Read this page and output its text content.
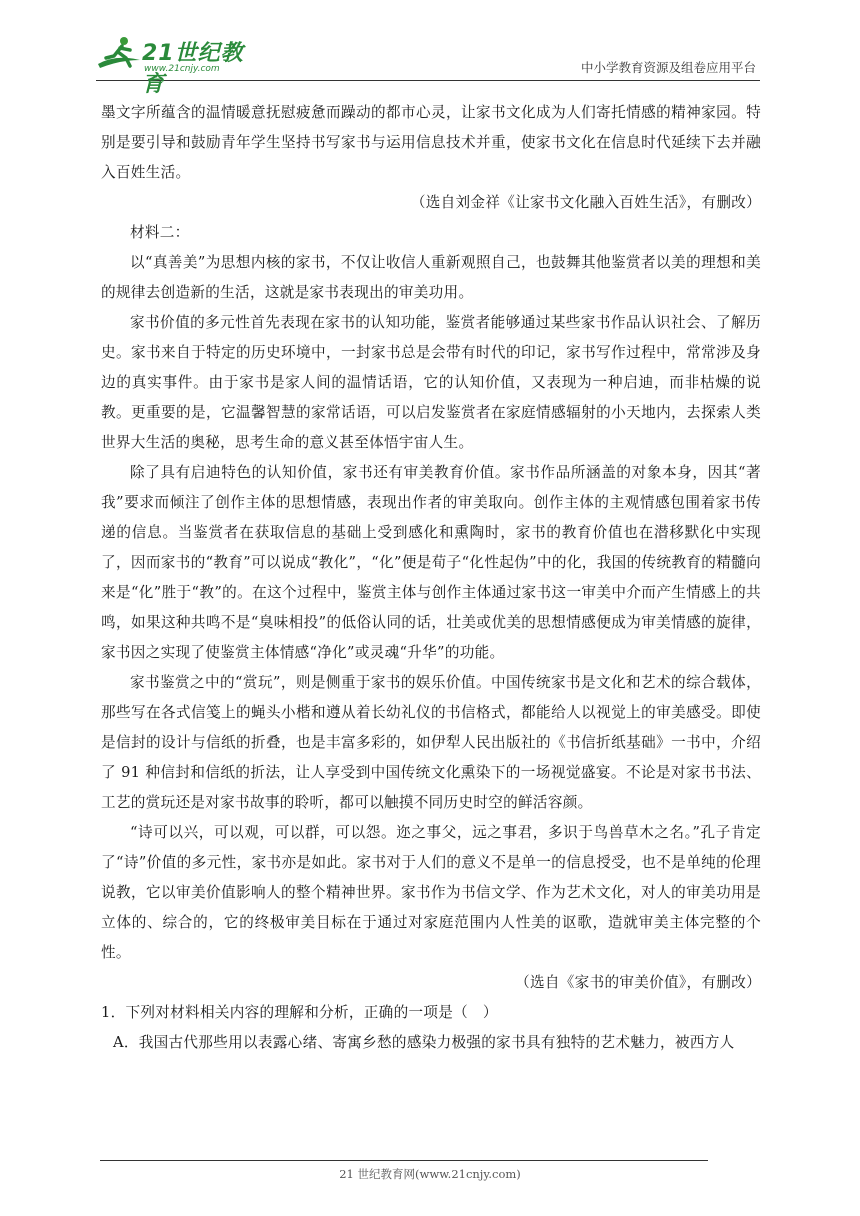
21世纪教育
www.21cnjy.com	中小学教育资源及组卷应用平台

墨文字所蕴含的温情暖意抚慰疲惫而躁动的都市心灵，让家书文化成为人们寄托情感的精神家园。特别是要引导和鼓励青年学生坚持书写家书与运用信息技术并重，使家书文化在信息时代延续下去并融入百姓生活。

（选自刘金祥《让家书文化融入百姓生活》，有删改）

材料二：

以“真善美”为思想内核的家书，不仅让收信人重新观照自己，也鼓舞其他鉴赏者以美的理想和美的规律去创造新的生活，这就是家书表现出的审美功用。

家书价值的多元性首先表现在家书的认知功能，鉴赏者能够通过某些家书作品认识社会、了解历史。家书来自于特定的历史环境中，一封家书总是会带有时代的印记，家书写作过程中，常常涉及身边的真实事件。由于家书是家人间的温情话语，它的认知价值，又表现为一种启迪，而非枯燥的说教。更重要的是，它温馨智慧的家常话语，可以启发鉴赏者在家庭情感辐射的小天地内，去探索人类世界大生活的奥秘，思考生命的意义甚至体悟宇宙人生。

除了具有启迪特色的认知价值，家书还有审美教育价值。家书作品所涵盖的对象本身，因其“著我”要求而倾注了创作主体的思想情感，表现出作者的审美取向。创作主体的主观情感包围着家书传递的信息。当鉴赏者在获取信息的基础上受到感化和熏陶时，家书的教育价值也在潜移默化中实现了，因而家书的“教育”可以说成“教化”，“化”便是荀子“化性起伪”中的化，我国的传统教育的精髓向来是“化”胜于“教”的。在这个过程中，鉴赏主体与创作主体通过家书这一审美中介而产生情感上的共鸣，如果这种共鸣不是“臭味相投”的低俗认同的话，壮美或优美的思想情感便成为审美情感的旋律，家书因之实现了使鉴赏主体情感“净化”或灵魂“升华”的功能。

家书鉴赏之中的“赏玩”，则是侧重于家书的娱乐价值。中国传统家书是文化和艺术的综合载体，那些写在各式信笺上的蝇头小楷和遵从着长幼礼仪的书信格式，都能给人以视觉上的审美感受。即使是信封的设计与信纸的折叠，也是丰富多彩的，如伊犁人民出版社的《书信折纸基础》一书中，介绍了 91 种信封和信纸的折法，让人享受到中国传统文化熏染下的一场视觉盛宴。不论是对家书书法、工艺的赏玩还是对家书故事的聆听，都可以触摸不同历史时空的鲜活容颜。

“诗可以兴，可以观，可以群，可以怨。迩之事父，远之事君，多识于鸟兽草木之名。”孔子肯定了“诗”价值的多元性，家书亦是如此。家书对于人们的意义不是单一的信息授受，也不是单纯的伦理说教，它以审美价值影响人的整个精神世界。家书作为书信文学、作为艺术文化，对人的审美功用是立体的、综合的，它的终极审美目标在于通过对家庭范围内人性美的讴歌，造就审美主体完整的个性。

（选自《家书的审美价值》，有删改）

1．下列对材料相关内容的理解和分析，正确的一项是（　）

A．我国古代那些用以表露心绪、寄寓乡愁的感染力极强的家书具有独特的艺术魅力，被西方人

21 世纪教育网(www.21cnjy.com)
